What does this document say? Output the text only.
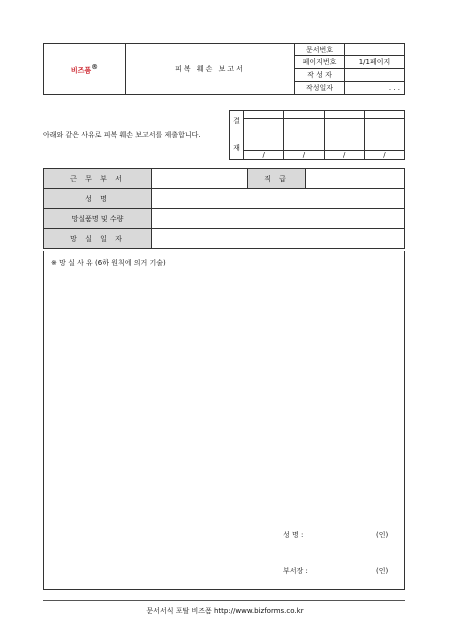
비즈폼®	피복 훼손 보고서	문서번호	
		페이지번호	1/1페이지
		작 성 자	
		작성일자	. . .
아래와 같은 사유로 피복 훼손 보고서를 제출합니다.
결

재				

	/	/	/	/
근 무 부 서		직 급	
성 명			
망실품명 및 수량			
망 실 일 자			
※ 망 실 사 유 (6하 원칙에 의거 기술)
성 명 :	(인)
부서장 :	(인)
문서서식 포탈 비즈폼 http://www.bizforms.co.kr
